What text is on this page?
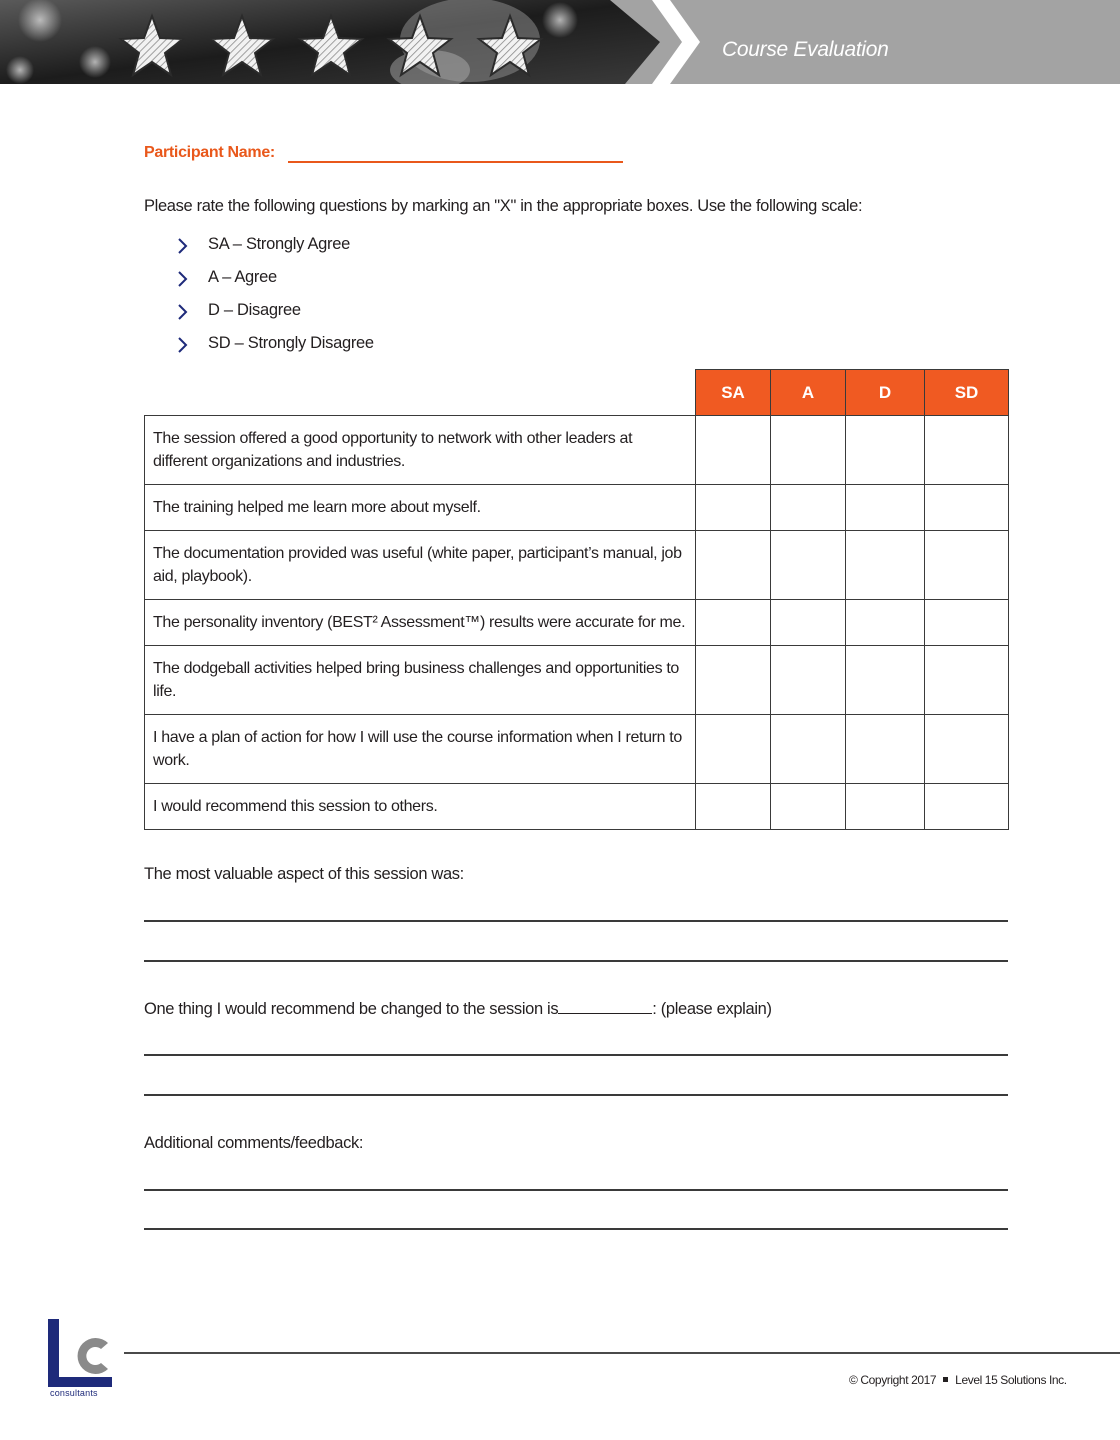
Course Evaluation
Participant Name:
Please rate the following questions by marking an "X" in the appropriate boxes. Use the following scale:
SA – Strongly Agree
A – Agree
D – Disagree
SD – Strongly Disagree
	SA	A	D	SD
The session offered a good opportunity to network with other leaders at different organizations and industries.				
The training helped me learn more about myself.				
The documentation provided was useful (white paper, participant’s manual, job aid, playbook).				
The personality inventory (BEST² Assessment™) results were accurate for me.				
The dodgeball activities helped bring business challenges and opportunities to life.				
I have a plan of action for how I will use the course information when I return to work.				
I would recommend this session to others.				
The most valuable aspect of this session was:
One thing I would recommend be changed to the session is	: (please explain)
Additional comments/feedback:
consultants
© Copyright 2017 Level 15 Solutions Inc.
